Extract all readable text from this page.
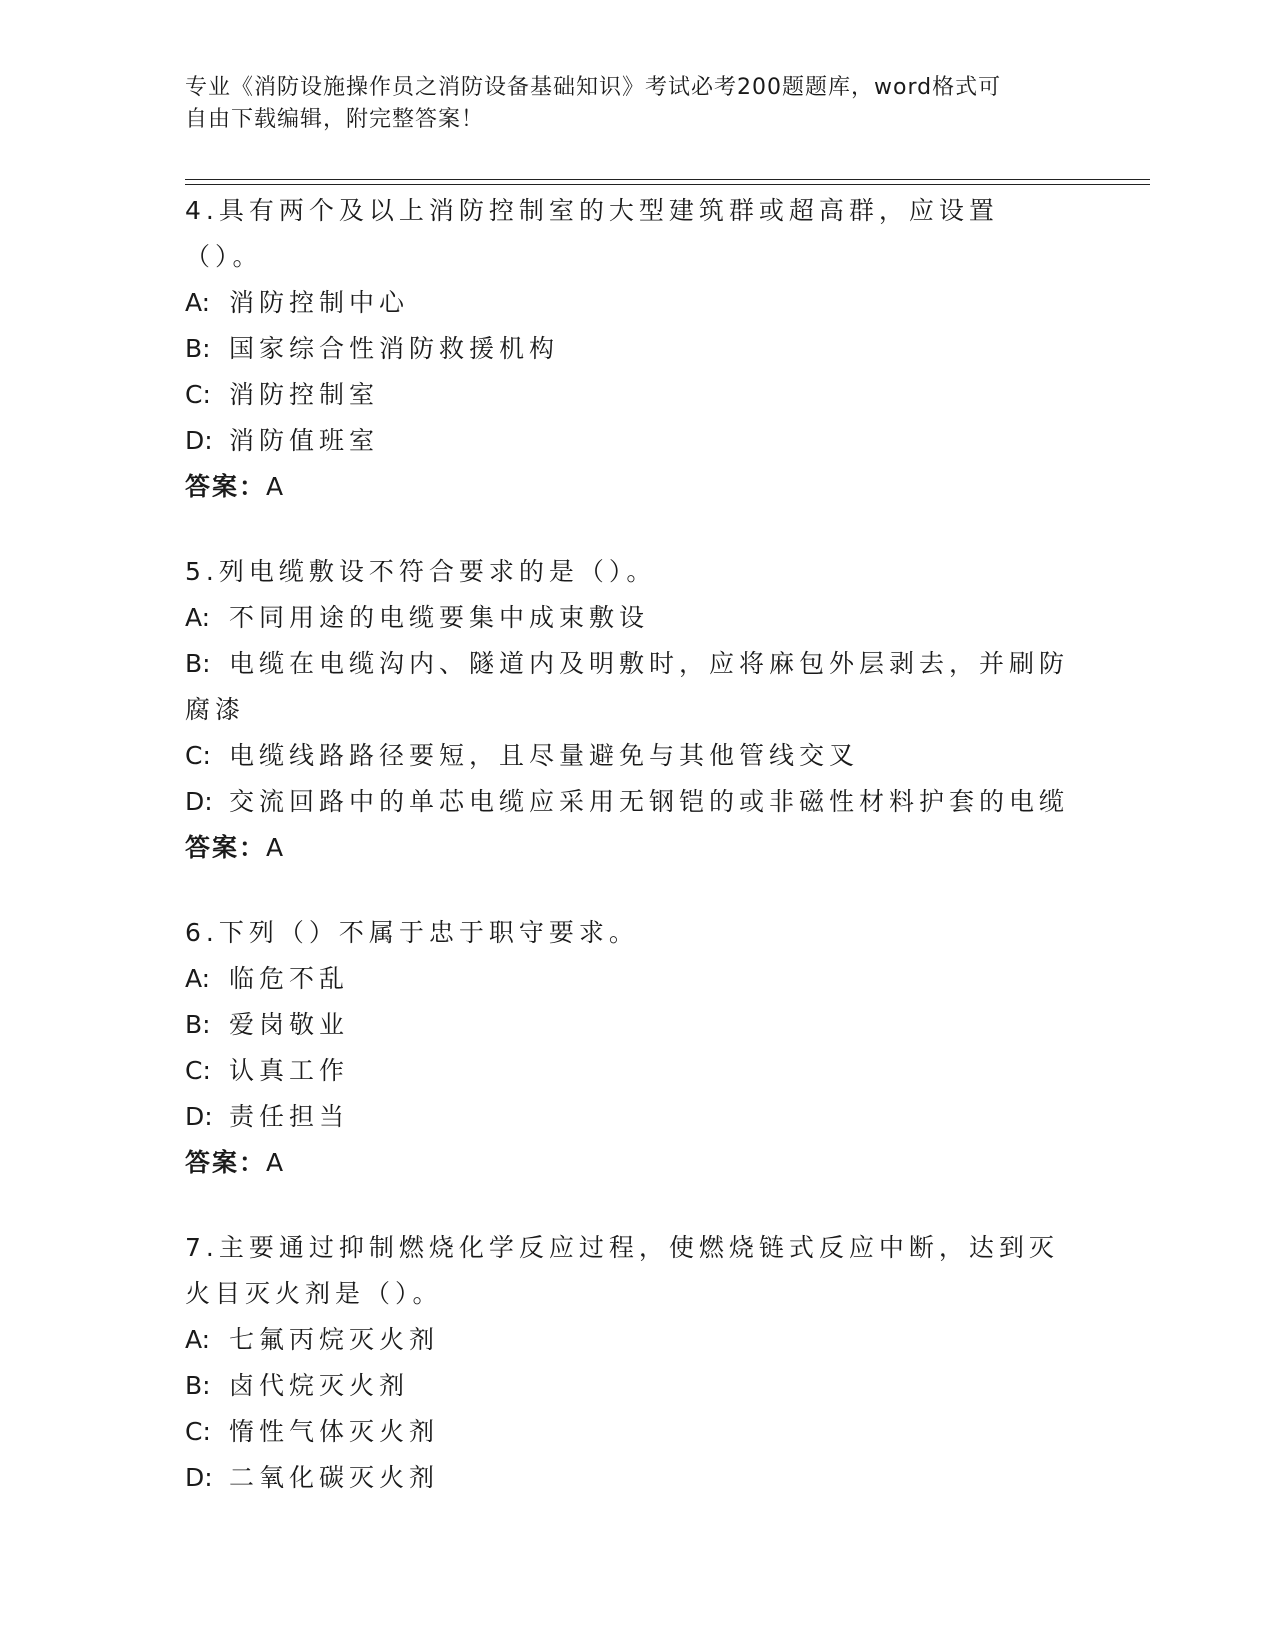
专业《消防设施操作员之消防设备基础知识》考试必考200题题库，word格式可
自由下载编辑，附完整答案！
4.具有两个及以上消防控制室的大型建筑群或超高群，应设置（）。
A: 消防控制中心
B: 国家综合性消防救援机构
C: 消防控制室
D: 消防值班室
答案：A
5.列电缆敷设不符合要求的是（）。
A: 不同用途的电缆要集中成束敷设
B: 电缆在电缆沟内、隧道内及明敷时，应将麻包外层剥去，并刷防腐漆
C: 电缆线路路径要短，且尽量避免与其他管线交叉
D: 交流回路中的单芯电缆应采用无钢铠的或非磁性材料护套的电缆
答案：A
6.下列（）不属于忠于职守要求。
A: 临危不乱
B: 爱岗敬业
C: 认真工作
D: 责任担当
答案：A
7.主要通过抑制燃烧化学反应过程，使燃烧链式反应中断，达到灭火目灭火剂是（）。
A: 七氟丙烷灭火剂
B: 卤代烷灭火剂
C: 惰性气体灭火剂
D: 二氧化碳灭火剂
